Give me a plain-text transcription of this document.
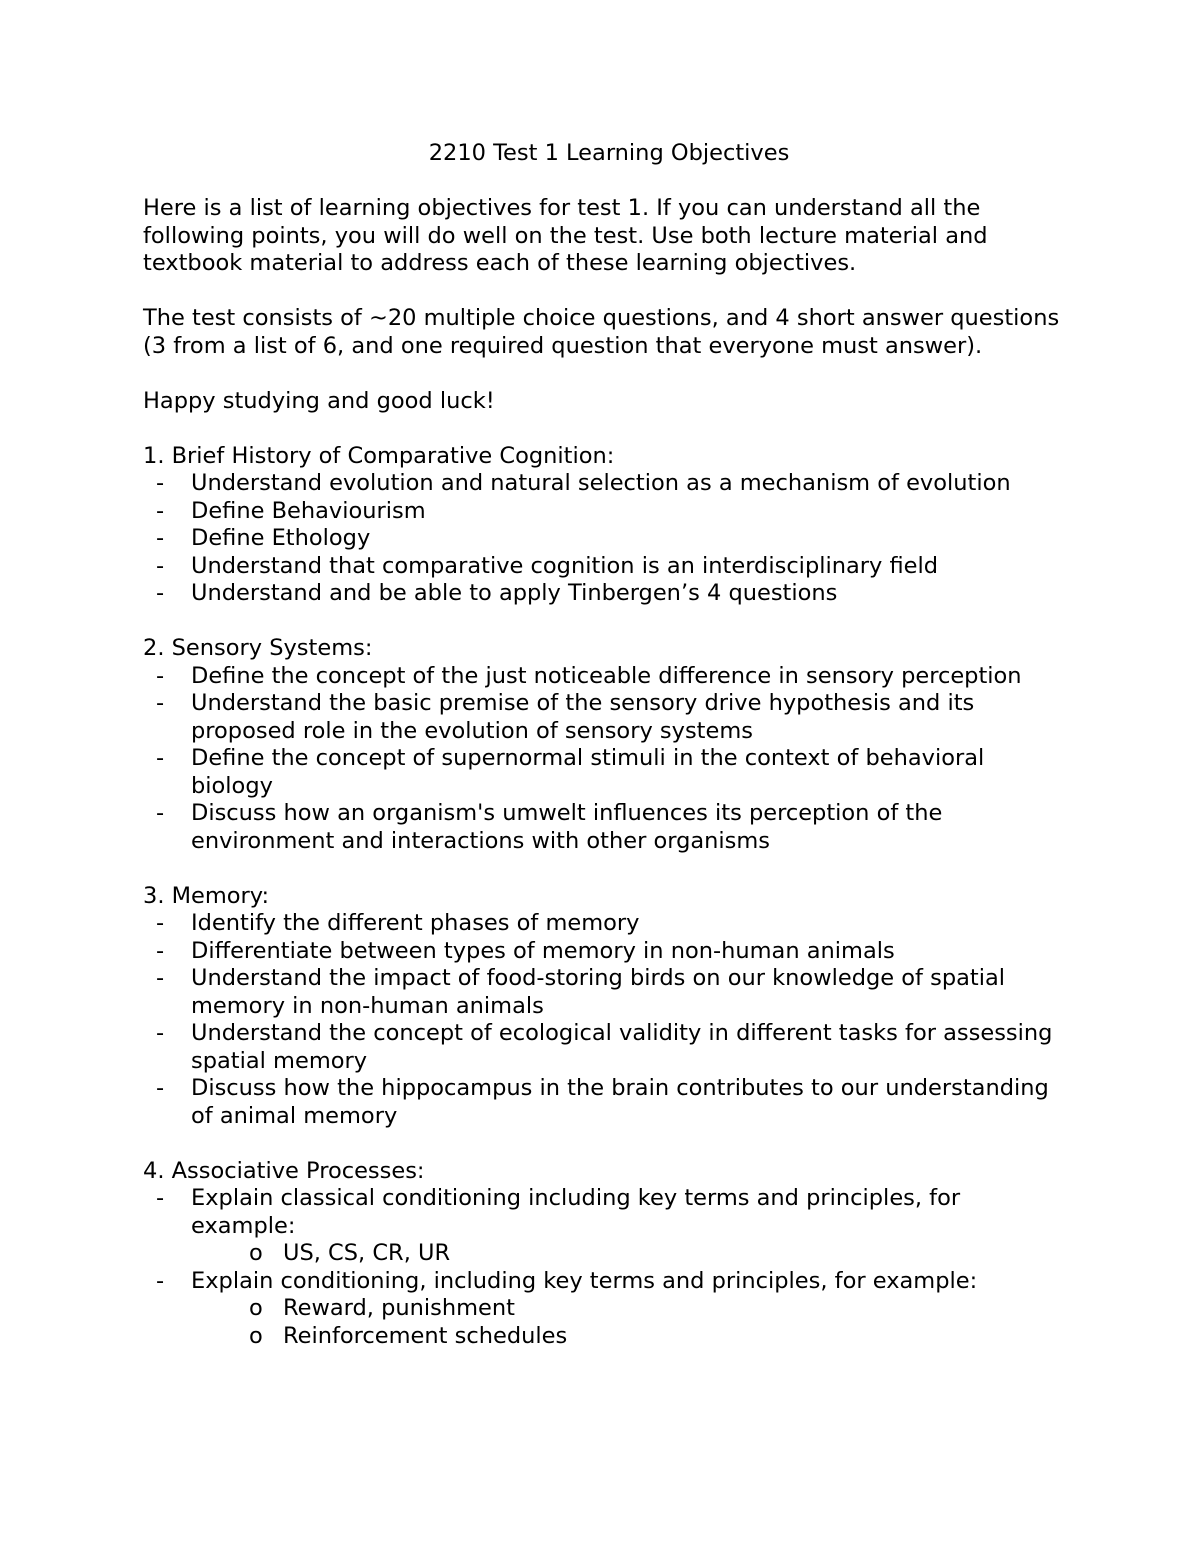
2210 Test 1 Learning Objectives

Here is a list of learning objectives for test 1. If you can understand all the following points, you will do well on the test. Use both lecture material and textbook material to address each of these learning objectives.

The test consists of ~20 multiple choice questions, and 4 short answer questions (3 from a list of 6, and one required question that everyone must answer).

Happy studying and good luck!

1. Brief History of Comparative Cognition:
- Understand evolution and natural selection as a mechanism of evolution
- Define Behaviourism
- Define Ethology
- Understand that comparative cognition is an interdisciplinary field
- Understand and be able to apply Tinbergen’s 4 questions
2. Sensory Systems:
- Define the concept of the just noticeable difference in sensory perception
- Understand the basic premise of the sensory drive hypothesis and its proposed role in the evolution of sensory systems
- Define the concept of supernormal stimuli in the context of behavioral biology
- Discuss how an organism's umwelt influences its perception of the environment and interactions with other organisms
3. Memory:
- Identify the different phases of memory
- Differentiate between types of memory in non-human animals
- Understand the impact of food-storing birds on our knowledge of spatial memory in non-human animals
- Understand the concept of ecological validity in different tasks for assessing spatial memory
- Discuss how the hippocampus in the brain contributes to our understanding of animal memory
4. Associative Processes:
- Explain classical conditioning including key terms and principles, for example:
o US, CS, CR, UR
- Explain conditioning, including key terms and principles, for example:
o Reward, punishment
o Reinforcement schedules
